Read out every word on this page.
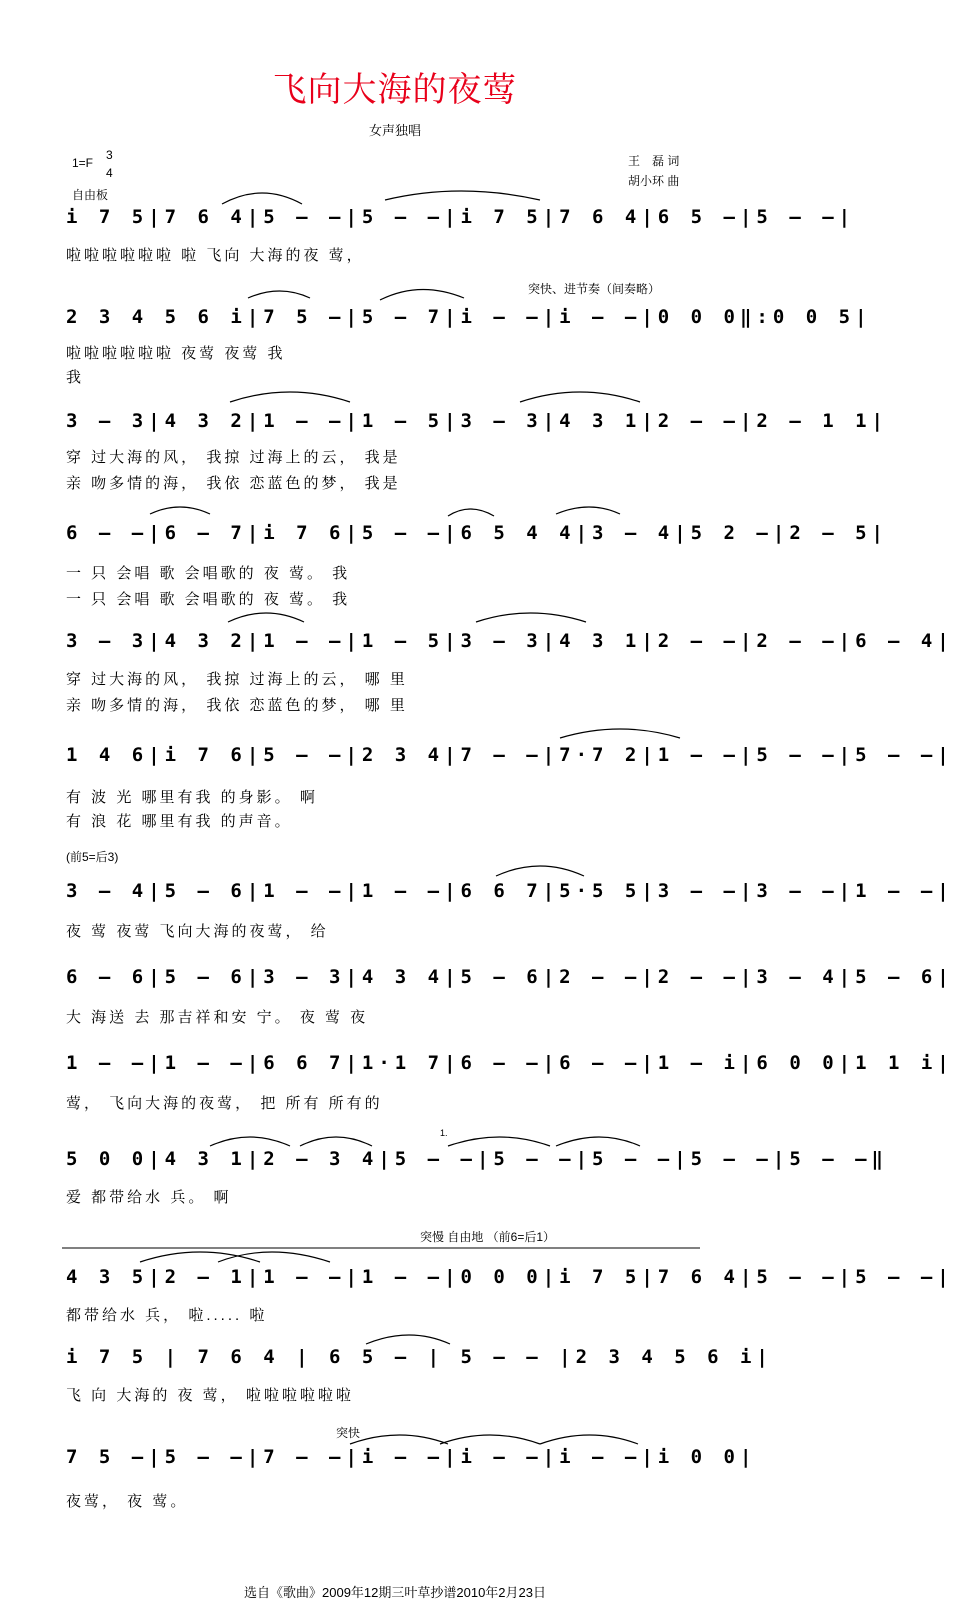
飞向大海的夜莺
女声独唱
1=F
3
4
自由板
王　磊 词
胡小环 曲
突快、进节奏（间奏略）
(前5=后3)
1.
突慢 自由地 （前6=后1）
突快
i 7 5|7 6 4|5 — —|5 — —|i 7 5|7 6 4|6 5 —|5 — —|
啦啦啦啦啦啦 啦 飞向 大海的夜 莺，
2 3 4 5 6 i|7 5 —|5 — 7|i — —|i — —|0 0 0‖:0 0 5|
啦啦啦啦啦啦 夜莺 夜莺 我
我
3 — 3|4 3 2|1 — —|1 — 5|3 — 3|4 3 1|2 — —|2 — 1 1|
穿 过大海的风， 我掠 过海上的云， 我是
亲 吻多情的海， 我依 恋蓝色的梦， 我是
6 — —|6 — 7|i 7 6|5 — —|6 5 4 4|3 — 4|5 2 —|2 — 5|
一 只 会唱 歌 会唱歌的 夜 莺。 我
一 只 会唱 歌 会唱歌的 夜 莺。 我
3 — 3|4 3 2|1 — —|1 — 5|3 — 3|4 3 1|2 — —|2 — —|6 — 4|
穿 过大海的风， 我掠 过海上的云， 哪 里
亲 吻多情的海， 我依 恋蓝色的梦， 哪 里
1 4 6|i 7 6|5 — —|2 3 4|7 — —|7·7 2|1 — —|5 — —|5 — —|
有 波 光 哪里有我 的身影。 啊
有 浪 花 哪里有我 的声音。
3 — 4|5 — 6|1 — —|1 — —|6 6 7|5·5 5|3 — —|3 — —|1 — —|
夜 莺 夜莺 飞向大海的夜莺， 给
6 — 6|5 — 6|3 — 3|4 3 4|5 — 6|2 — —|2 — —|3 — 4|5 — 6|
大 海送 去 那吉祥和安 宁。 夜 莺 夜
1 — —|1 — —|6 6 7|1·1 7|6 — —|6 — —|1 — i|6 0 0|1 1 i|
莺， 飞向大海的夜莺， 把 所有 所有的
5 0 0|4 3 1|2 — 3 4|5 — —|5 — —|5 — —|5 — —|5 — —‖
爱 都带给水 兵。 啊
4 3 5|2 — 1|1 — —|1 — —|0 0 0|i 7 5|7 6 4|5 — —|5 — —|
都带给水 兵， 啦..... 啦
i 7 5 | 7 6 4 | 6 5 — | 5 — — |2 3 4 5 6 i|
飞 向 大海的 夜 莺， 啦啦啦啦啦啦
7 5 —|5 — —|7 — —|i — —|i — —|i — —|i 0 0|
夜莺， 夜 莺。
选自《歌曲》2009年12期三叶草抄谱2010年2月23日
